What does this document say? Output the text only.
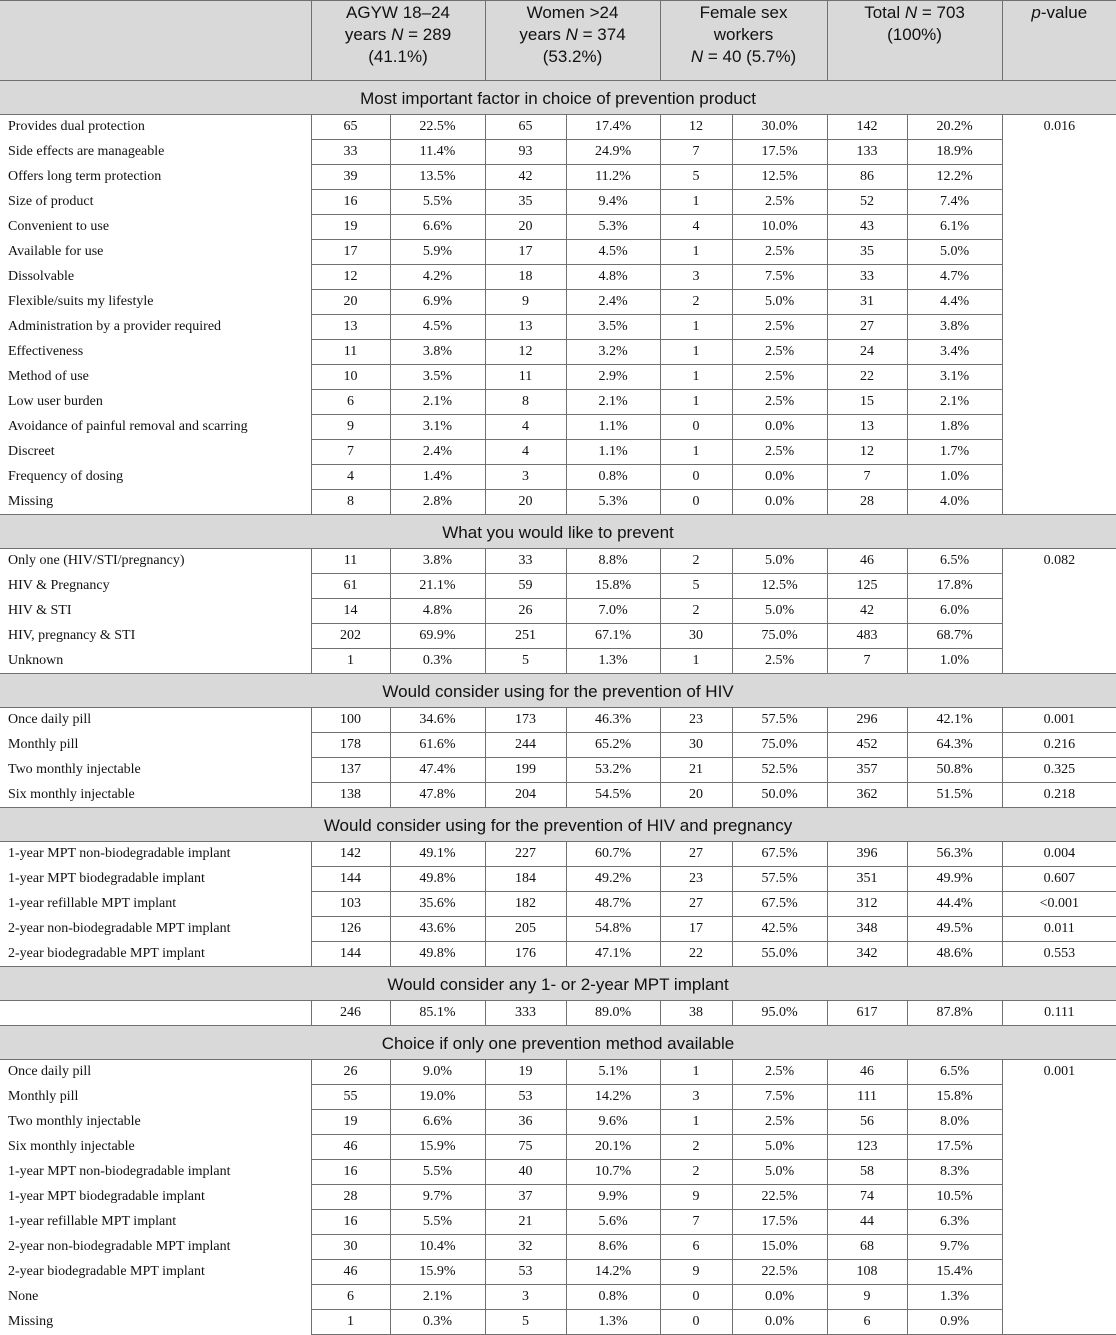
	AGYW 18–24
years N = 289
(41.1%)		Women >24
years N = 374
(53.2%)		Female sex
workers
N = 40 (5.7%)		Total N = 703
(100%)		p-value
Most important factor in choice of prevention product									
Provides dual protection	65	22.5%	65	17.4%	12	30.0%	142	20.2%	0.016
Side effects are manageable	33	11.4%	93	24.9%	7	17.5%	133	18.9%	
Offers long term protection	39	13.5%	42	11.2%	5	12.5%	86	12.2%	
Size of product	16	5.5%	35	9.4%	1	2.5%	52	7.4%	
Convenient to use	19	6.6%	20	5.3%	4	10.0%	43	6.1%	
Available for use	17	5.9%	17	4.5%	1	2.5%	35	5.0%	
Dissolvable	12	4.2%	18	4.8%	3	7.5%	33	4.7%	
Flexible/suits my lifestyle	20	6.9%	9	2.4%	2	5.0%	31	4.4%	
Administration by a provider required	13	4.5%	13	3.5%	1	2.5%	27	3.8%	
Effectiveness	11	3.8%	12	3.2%	1	2.5%	24	3.4%	
Method of use	10	3.5%	11	2.9%	1	2.5%	22	3.1%	
Low user burden	6	2.1%	8	2.1%	1	2.5%	15	2.1%	
Avoidance of painful removal and scarring	9	3.1%	4	1.1%	0	0.0%	13	1.8%	
Discreet	7	2.4%	4	1.1%	1	2.5%	12	1.7%	
Frequency of dosing	4	1.4%	3	0.8%	0	0.0%	7	1.0%	
Missing	8	2.8%	20	5.3%	0	0.0%	28	4.0%	
What you would like to prevent									
Only one (HIV/STI/pregnancy)	11	3.8%	33	8.8%	2	5.0%	46	6.5%	0.082
HIV & Pregnancy	61	21.1%	59	15.8%	5	12.5%	125	17.8%	
HIV & STI	14	4.8%	26	7.0%	2	5.0%	42	6.0%	
HIV, pregnancy & STI	202	69.9%	251	67.1%	30	75.0%	483	68.7%	
Unknown	1	0.3%	5	1.3%	1	2.5%	7	1.0%	
Would consider using for the prevention of HIV									
Once daily pill	100	34.6%	173	46.3%	23	57.5%	296	42.1%	0.001
Monthly pill	178	61.6%	244	65.2%	30	75.0%	452	64.3%	0.216
Two monthly injectable	137	47.4%	199	53.2%	21	52.5%	357	50.8%	0.325
Six monthly injectable	138	47.8%	204	54.5%	20	50.0%	362	51.5%	0.218
Would consider using for the prevention of HIV and pregnancy									
1-year MPT non-biodegradable implant	142	49.1%	227	60.7%	27	67.5%	396	56.3%	0.004
1-year MPT biodegradable implant	144	49.8%	184	49.2%	23	57.5%	351	49.9%	0.607
1-year refillable MPT implant	103	35.6%	182	48.7%	27	67.5%	312	44.4%	<0.001
2-year non-biodegradable MPT implant	126	43.6%	205	54.8%	17	42.5%	348	49.5%	0.011
2-year biodegradable MPT implant	144	49.8%	176	47.1%	22	55.0%	342	48.6%	0.553
Would consider any 1- or 2-year MPT implant									
	246	85.1%	333	89.0%	38	95.0%	617	87.8%	0.111
Choice if only one prevention method available									
Once daily pill	26	9.0%	19	5.1%	1	2.5%	46	6.5%	0.001
Monthly pill	55	19.0%	53	14.2%	3	7.5%	111	15.8%	
Two monthly injectable	19	6.6%	36	9.6%	1	2.5%	56	8.0%	
Six monthly injectable	46	15.9%	75	20.1%	2	5.0%	123	17.5%	
1-year MPT non-biodegradable implant	16	5.5%	40	10.7%	2	5.0%	58	8.3%	
1-year MPT biodegradable implant	28	9.7%	37	9.9%	9	22.5%	74	10.5%	
1-year refillable MPT implant	16	5.5%	21	5.6%	7	17.5%	44	6.3%	
2-year non-biodegradable MPT implant	30	10.4%	32	8.6%	6	15.0%	68	9.7%	
2-year biodegradable MPT implant	46	15.9%	53	14.2%	9	22.5%	108	15.4%	
None	6	2.1%	3	0.8%	0	0.0%	9	1.3%	
Missing	1	0.3%	5	1.3%	0	0.0%	6	0.9%	
